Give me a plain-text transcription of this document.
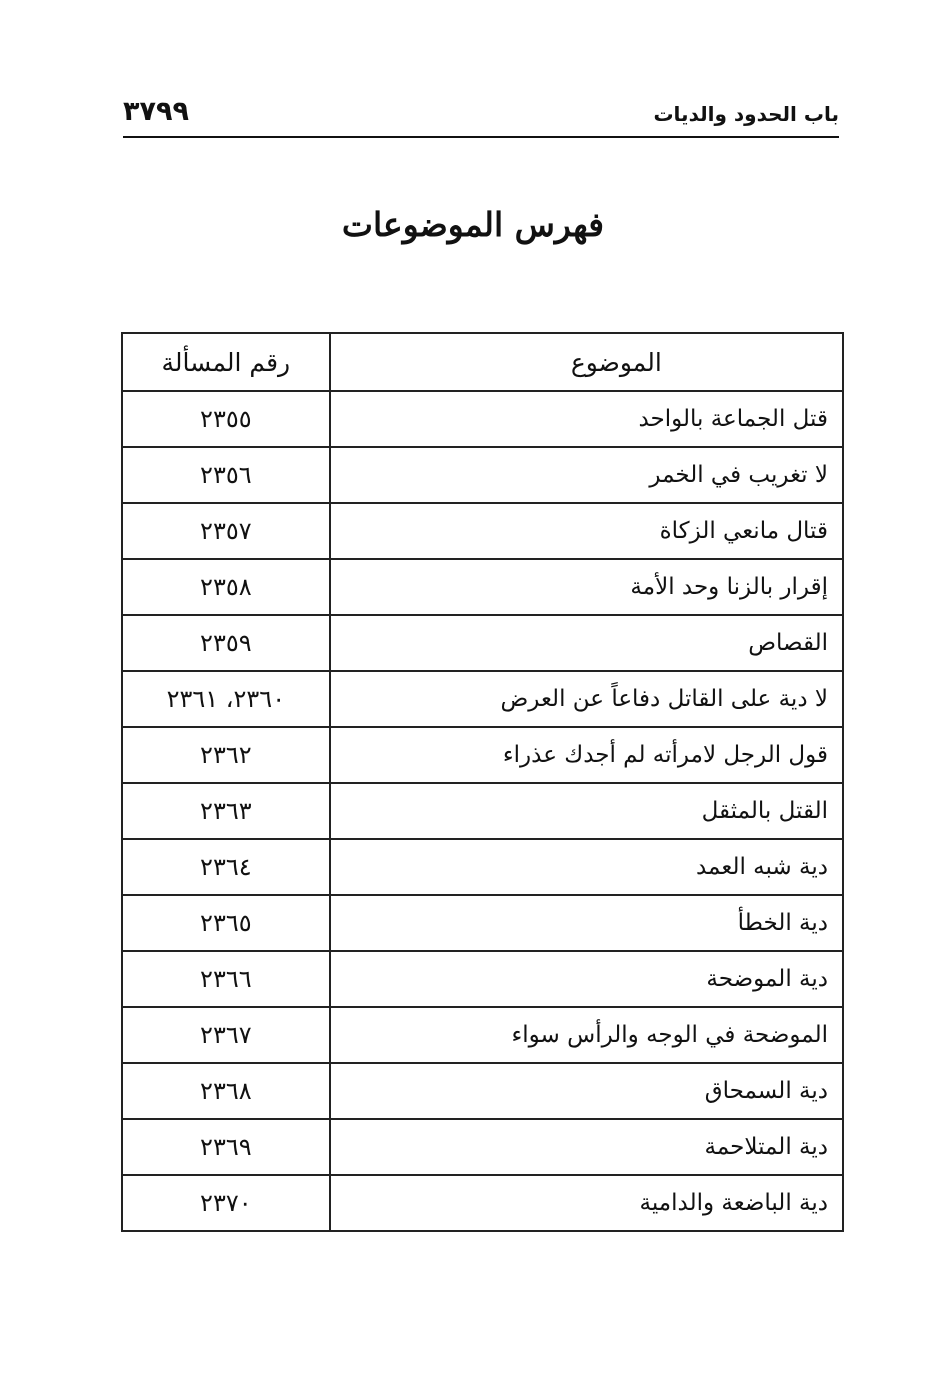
باب الحدود والديات
٣٧٩٩
فهرس الموضوعات
الموضوع	رقم المسألة
قتل الجماعة بالواحد	٢٣٥٥
لا تغريب في الخمر	٢٣٥٦
قتال مانعي الزكاة	٢٣٥٧
إقرار بالزنا وحد الأمة	٢٣٥٨
القصاص	٢٣٥٩
لا دية على القاتل دفاعاً عن العرض	٢٣٦٠، ٢٣٦١
قول الرجل لامرأته لم أجدك عذراء	٢٣٦٢
القتل بالمثقل	٢٣٦٣
دية شبه العمد	٢٣٦٤
دية الخطأ	٢٣٦٥
دية الموضحة	٢٣٦٦
الموضحة في الوجه والرأس سواء	٢٣٦٧
دية السمحاق	٢٣٦٨
دية المتلاحمة	٢٣٦٩
دية الباضعة والدامية	٢٣٧٠
